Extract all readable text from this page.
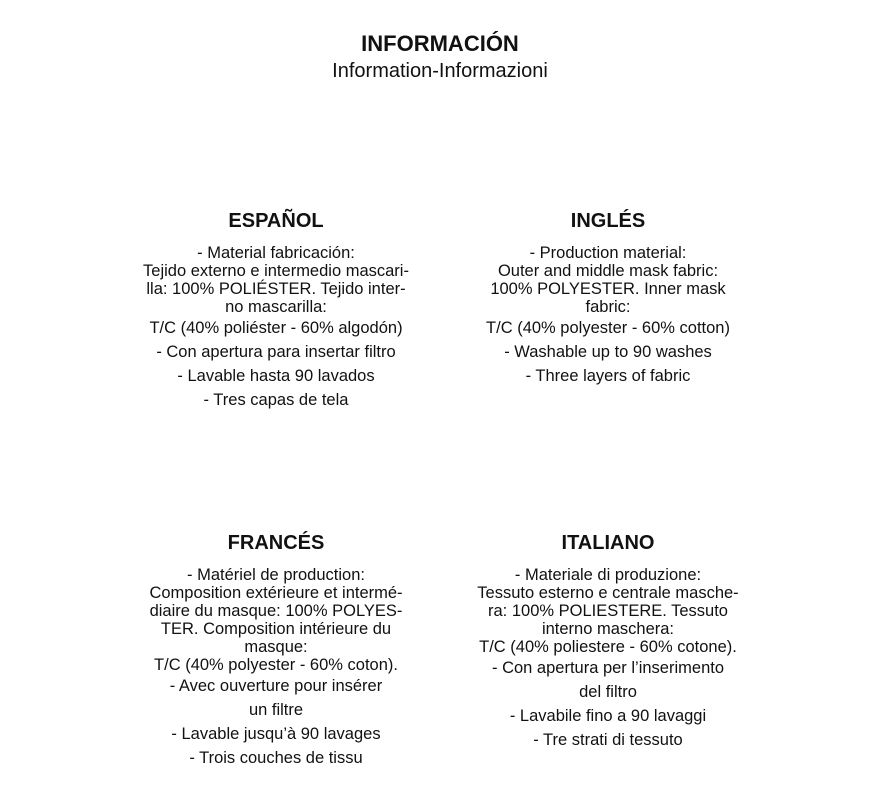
INFORMACIÓN
Information-Informazioni
ESPAÑOL
- Material fabricación:
Tejido externo e intermedio mascari-
lla: 100% POLIÉSTER. Tejido inter-
no mascarilla:
T/C (40% poliéster - 60% algodón)
- Con apertura para insertar filtro
- Lavable hasta 90 lavados
- Tres capas de tela
INGLÉS
- Production material:
Outer and middle mask fabric:
100% POLYESTER. Inner mask
fabric:
T/C (40% polyester - 60% cotton)
- Washable up to 90 washes
- Three layers of fabric
FRANCÉS
- Matériel de production:
Composition extérieure et intermé-
diaire du masque: 100% POLYES-
TER. Composition intérieure du
masque:
T/C (40% polyester - 60% coton).
- Avec ouverture pour insérer
un filtre
- Lavable jusqu’à 90 lavages
- Trois couches de tissu
ITALIANO
- Materiale di produzione:
Tessuto esterno e centrale masche-
ra: 100% POLIESTERE. Tessuto
interno maschera:
T/C (40% poliestere - 60% cotone).
- Con apertura per l’inserimento
del filtro
- Lavabile fino a 90 lavaggi
- Tre strati di tessuto
